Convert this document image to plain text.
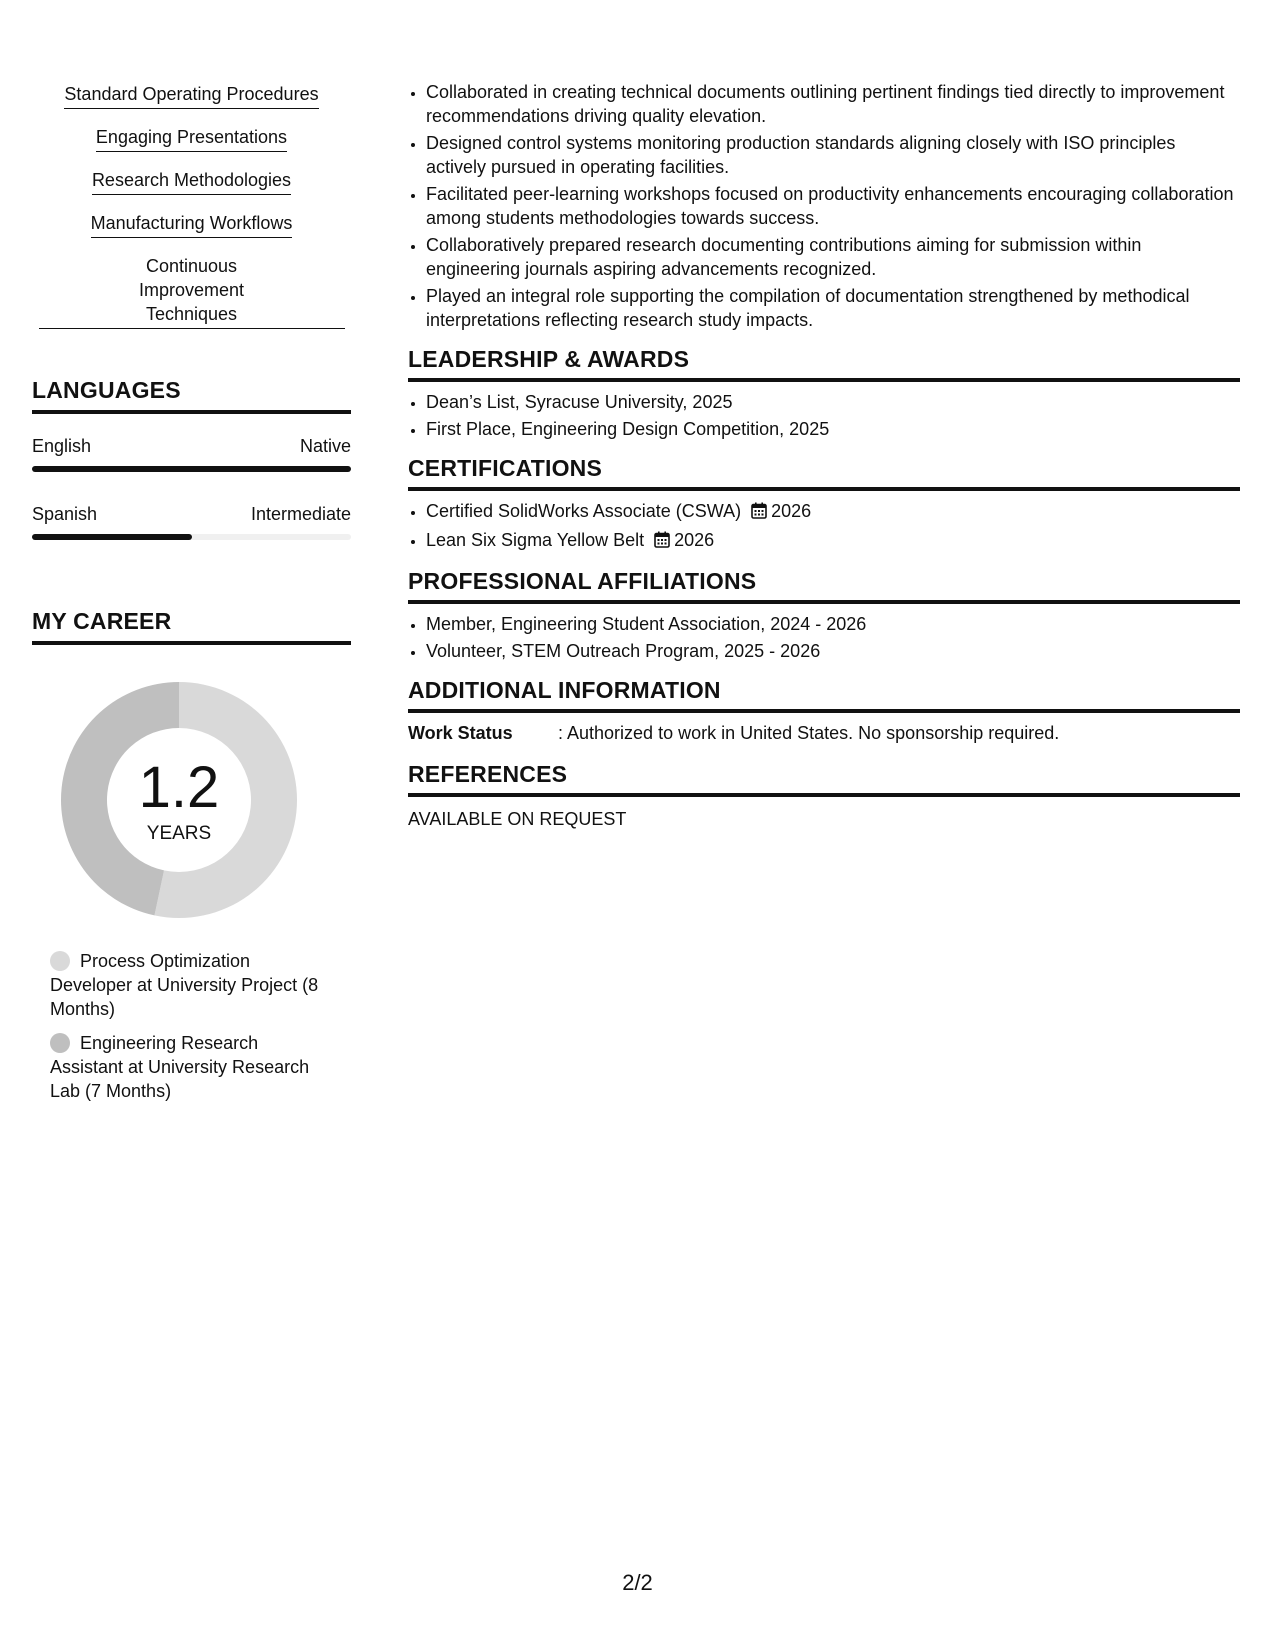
Standard Operating Procedures
Engaging Presentations
Research Methodologies
Manufacturing Workflows
Continuous Improvement Techniques
LANGUAGES
English	Native
Spanish	Intermediate
MY CAREER
1.2
YEARS
Process Optimization Developer at University Project (8 Months)
Engineering Research Assistant at University Research Lab (7 Months)
• Collaborated in creating technical documents outlining pertinent findings tied directly to improvement recommendations driving quality elevation.
• Designed control systems monitoring production standards aligning closely with ISO principles actively pursued in operating facilities.
• Facilitated peer-learning workshops focused on productivity enhancements encouraging collaboration among students methodologies towards success.
• Collaboratively prepared research documenting contributions aiming for submission within engineering journals aspiring advancements recognized.
• Played an integral role supporting the compilation of documentation strengthened by methodical interpretations reflecting research study impacts.
LEADERSHIP & AWARDS
• Dean’s List, Syracuse University, 2025
• First Place, Engineering Design Competition, 2025
CERTIFICATIONS
• Certified SolidWorks Associate (CSWA) 2026
• Lean Six Sigma Yellow Belt 2026
PROFESSIONAL AFFILIATIONS
• Member, Engineering Student Association, 2024 - 2026
• Volunteer, STEM Outreach Program, 2025 - 2026
ADDITIONAL INFORMATION
Work Status	: Authorized to work in United States. No sponsorship required.
REFERENCES
AVAILABLE ON REQUEST
2/2
